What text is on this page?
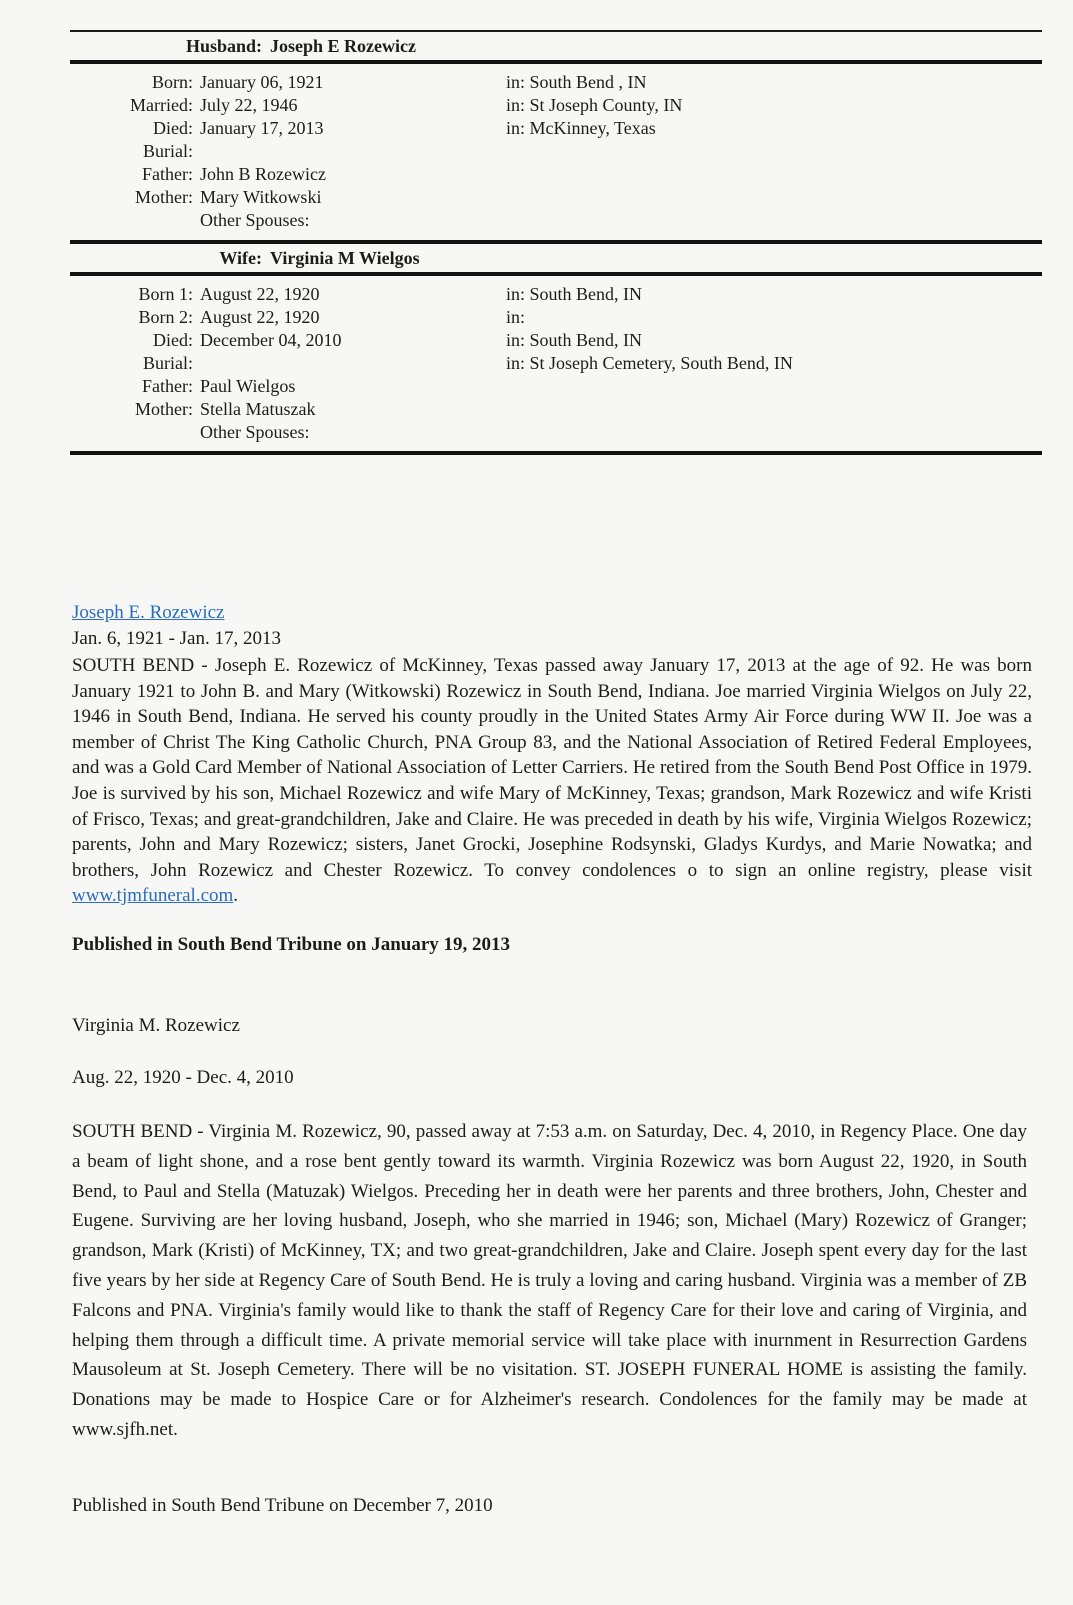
Husband: Joseph E Rozewicz
Born: January 06, 1921	in: South Bend , IN
Married: July 22, 1946	in: St Joseph County, IN
Died: January 17, 2013	in: McKinney, Texas
Burial:
Father: John B Rozewicz
Mother: Mary Witkowski
Other Spouses:
Wife: Virginia M Wielgos
Born 1: August 22, 1920	in: South Bend, IN
Born 2: August 22, 1920	in:
Died: December 04, 2010	in: South Bend, IN
Burial:	in: St Joseph Cemetery, South Bend, IN
Father: Paul Wielgos
Mother: Stella Matuszak
Other Spouses:
Joseph E. Rozewicz
Jan. 6, 1921 - Jan. 17, 2013
SOUTH BEND - Joseph E. Rozewicz of McKinney, Texas passed away January 17, 2013 at the age of 92. He was born January 1921 to John B. and Mary (Witkowski) Rozewicz in South Bend, Indiana. Joe married Virginia Wielgos on July 22, 1946 in South Bend, Indiana. He served his county proudly in the United States Army Air Force during WW II. Joe was a member of Christ The King Catholic Church, PNA Group 83, and the National Association of Retired Federal Employees, and was a Gold Card Member of National Association of Letter Carriers. He retired from the South Bend Post Office in 1979. Joe is survived by his son, Michael Rozewicz and wife Mary of McKinney, Texas; grandson, Mark Rozewicz and wife Kristi of Frisco, Texas; and great-grandchildren, Jake and Claire. He was preceded in death by his wife, Virginia Wielgos Rozewicz; parents, John and Mary Rozewicz; sisters, Janet Grocki, Josephine Rodsynski, Gladys Kurdys, and Marie Nowatka; and brothers, John Rozewicz and Chester Rozewicz. To convey condolences o to sign an online registry, please visit www.tjmfuneral.com.
Published in South Bend Tribune on January 19, 2013
Virginia M. Rozewicz
Aug. 22, 1920 - Dec. 4, 2010
SOUTH BEND - Virginia M. Rozewicz, 90, passed away at 7:53 a.m. on Saturday, Dec. 4, 2010, in Regency Place. One day a beam of light shone, and a rose bent gently toward its warmth. Virginia Rozewicz was born August 22, 1920, in South Bend, to Paul and Stella (Matuzak) Wielgos. Preceding her in death were her parents and three brothers, John, Chester and Eugene. Surviving are her loving husband, Joseph, who she married in 1946; son, Michael (Mary) Rozewicz of Granger; grandson, Mark (Kristi) of McKinney, TX; and two great-grandchildren, Jake and Claire. Joseph spent every day for the last five years by her side at Regency Care of South Bend. He is truly a loving and caring husband. Virginia was a member of ZB Falcons and PNA. Virginia's family would like to thank the staff of Regency Care for their love and caring of Virginia, and helping them through a difficult time. A private memorial service will take place with inurnment in Resurrection Gardens Mausoleum at St. Joseph Cemetery. There will be no visitation. ST. JOSEPH FUNERAL HOME is assisting the family. Donations may be made to Hospice Care or for Alzheimer's research. Condolences for the family may be made at www.sjfh.net.
Published in South Bend Tribune on December 7, 2010
